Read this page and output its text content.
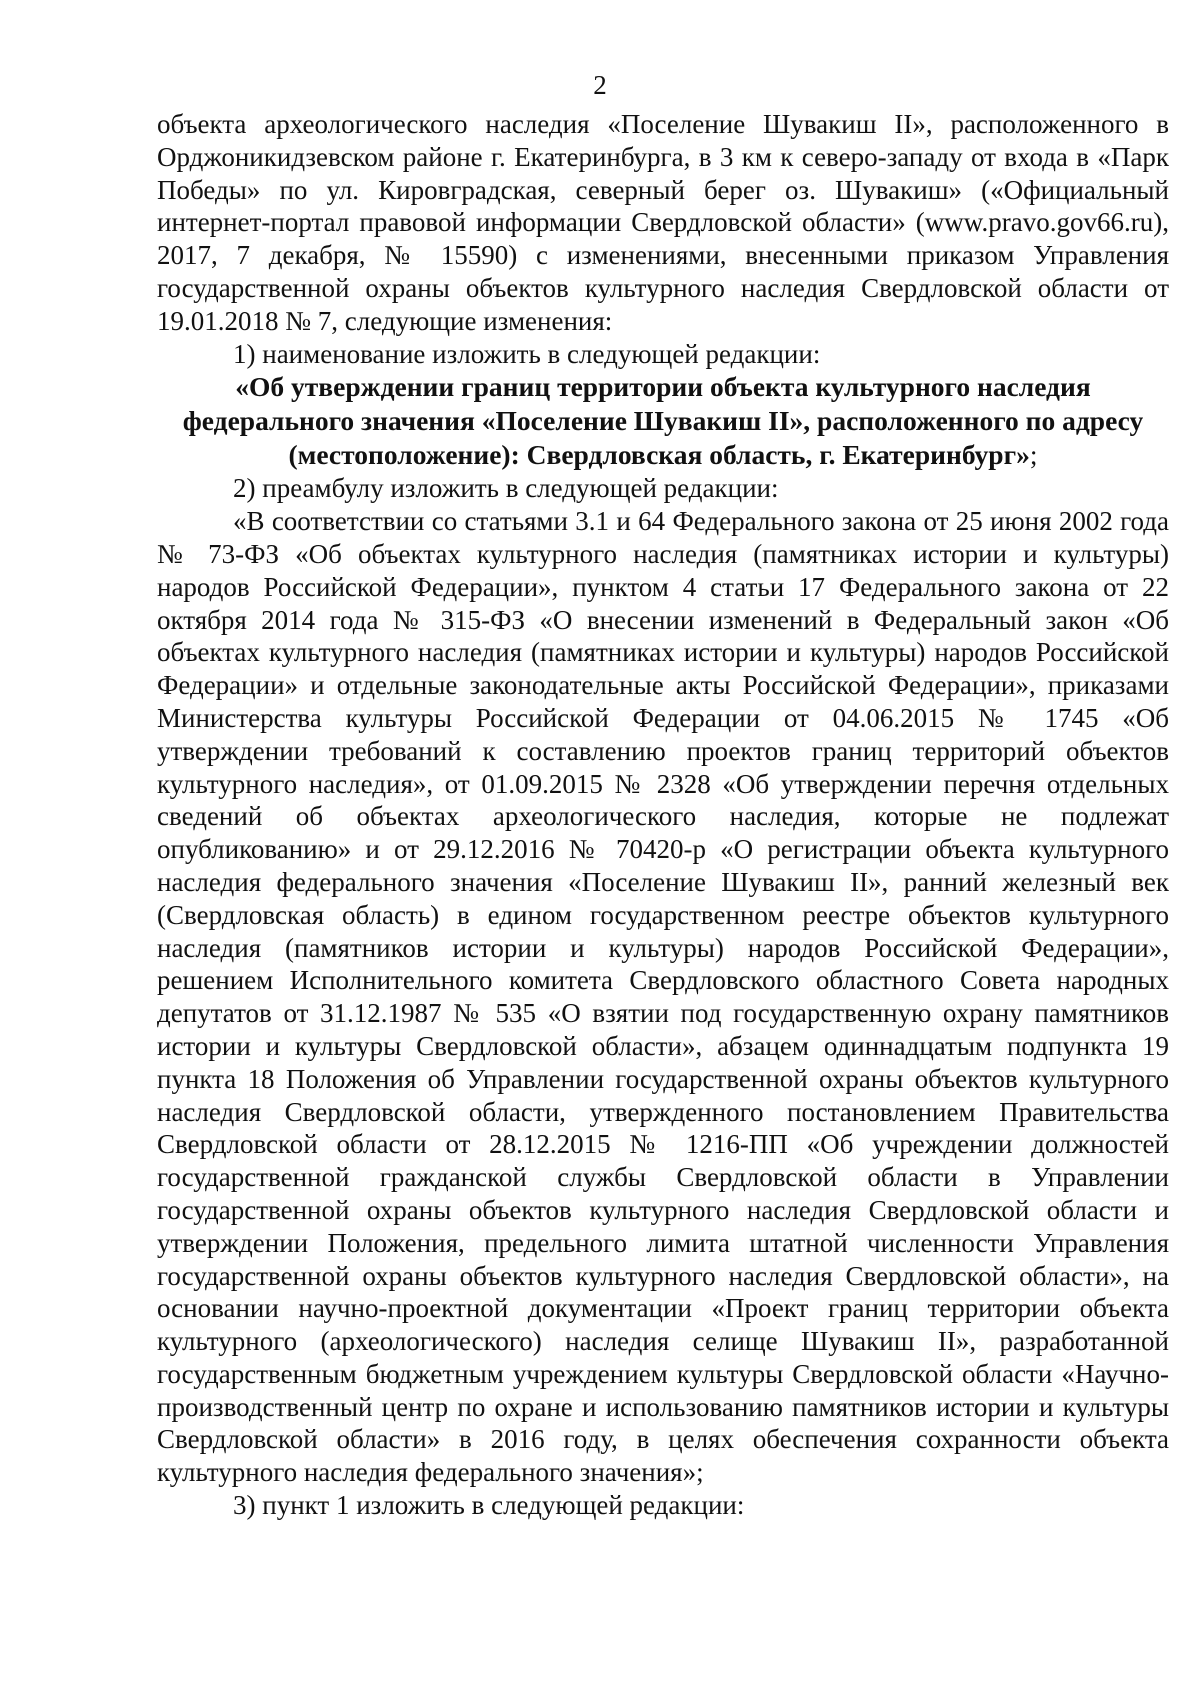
2

объекта археологического наследия «Поселение Шувакиш II», расположенного в Орджоникидзевском районе г. Екатеринбурга, в 3 км к северо-западу от входа в «Парк Победы» по ул. Кировградская, северный берег оз. Шувакиш» («Официальный интернет-портал правовой информации Свердловской области» (www.pravo.gov66.ru), 2017, 7 декабря, № 15590) с изменениями, внесенными приказом Управления государственной охраны объектов культурного наследия Свердловской области от 19.01.2018 № 7, следующие изменения:

1) наименование изложить в следующей редакции:

«Об утверждении границ территории объекта культурного наследия федерального значения «Поселение Шувакиш II», расположенного по адресу (местоположение): Свердловская область, г. Екатеринбург»;

2) преамбулу изложить в следующей редакции:

«В соответствии со статьями 3.1 и 64 Федерального закона от 25 июня 2002 года № 73-ФЗ «Об объектах культурного наследия (памятниках истории и культуры) народов Российской Федерации», пунктом 4 статьи 17 Федерального закона от 22 октября 2014 года № 315-ФЗ «О внесении изменений в Федеральный закон «Об объектах культурного наследия (памятниках истории и культуры) народов Российской Федерации» и отдельные законодательные акты Российской Федерации», приказами Министерства культуры Российской Федерации от 04.06.2015 № 1745 «Об утверждении требований к составлению проектов границ территорий объектов культурного наследия», от 01.09.2015 № 2328 «Об утверждении перечня отдельных сведений об объектах археологического наследия, которые не подлежат опубликованию» и от 29.12.2016 № 70420-р «О регистрации объекта культурного наследия федерального значения «Поселение Шувакиш II», ранний железный век (Свердловская область) в едином государственном реестре объектов культурного наследия (памятников истории и культуры) народов Российской Федерации», решением Исполнительного комитета Свердловского областного Совета народных депутатов от 31.12.1987 № 535 «О взятии под государственную охрану памятников истории и культуры Свердловской области», абзацем одиннадцатым подпункта 19 пункта 18 Положения об Управлении государственной охраны объектов культурного наследия Свердловской области, утвержденного постановлением Правительства Свердловской области от 28.12.2015 № 1216-ПП «Об учреждении должностей государственной гражданской службы Свердловской области в Управлении государственной охраны объектов культурного наследия Свердловской области и утверждении Положения, предельного лимита штатной численности Управления государственной охраны объектов культурного наследия Свердловской области», на основании научно-проектной документации «Проект границ территории объекта культурного (археологического) наследия селище Шувакиш II», разработанной государственным бюджетным учреждением культуры Свердловской области «Научно-производственный центр по охране и использованию памятников истории и культуры Свердловской области» в 2016 году, в целях обеспечения сохранности объекта культурного наследия федерального значения»;

3) пункт 1 изложить в следующей редакции:
